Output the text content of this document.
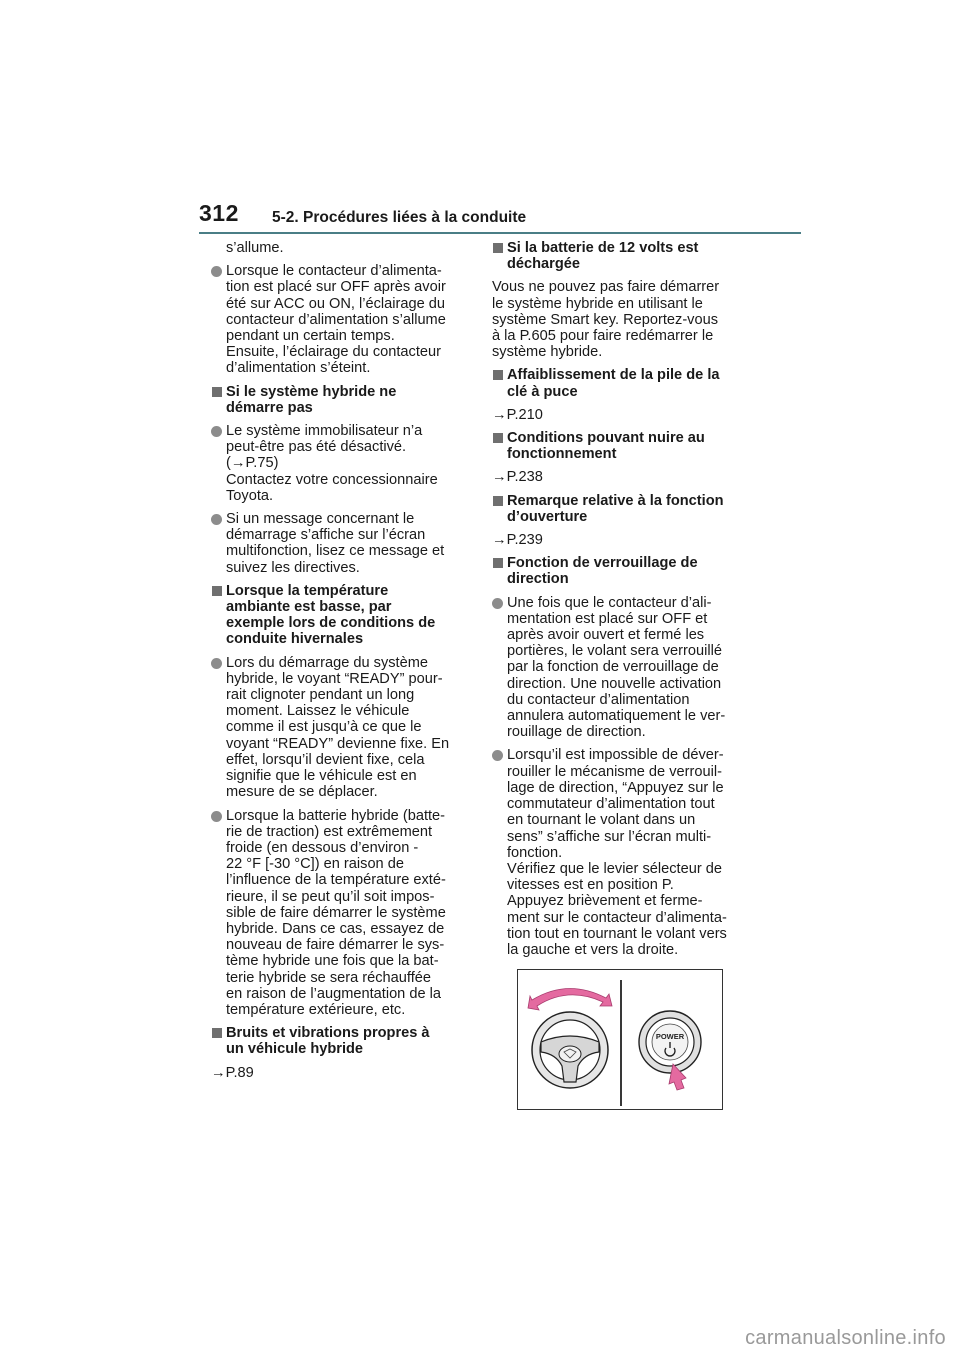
312 5-2. Procédures liées à la conduite

s’allume.

Lorsque le contacteur d’alimenta-
tion est placé sur OFF après avoir
été sur ACC ou ON, l’éclairage du
contacteur d’alimentation s’allume
pendant un certain temps.
Ensuite, l’éclairage du contacteur
d’alimentation s’éteint.
Si le système hybride ne
démarre pas
Le système immobilisateur n’a
peut-être pas été désactivé.
(→P.75)
Contactez votre concessionnaire
Toyota.
Si un message concernant le
démarrage s’affiche sur l’écran
multifonction, lisez ce message et
suivez les directives.
Lorsque la température
ambiante est basse, par
exemple lors de conditions de
conduite hivernales
Lors du démarrage du système
hybride, le voyant “READY” pour-
rait clignoter pendant un long
moment. Laissez le véhicule
comme il est jusqu’à ce que le
voyant “READY” devienne fixe. En
effet, lorsqu’il devient fixe, cela
signifie que le véhicule est en
mesure de se déplacer.
Lorsque la batterie hybride (batte-
rie de traction) est extrêmement
froide (en dessous d’environ -
22 °F [-30 °C]) en raison de
l’influence de la température exté-
rieure, il se peut qu’il soit impos-
sible de faire démarrer le système
hybride. Dans ce cas, essayez de
nouveau de faire démarrer le sys-
tème hybride une fois que la bat-
terie hybride se sera réchauffée
en raison de l’augmentation de la
température extérieure, etc.
Bruits et vibrations propres à
un véhicule hybride

→P.89

Si la batterie de 12 volts est
déchargée

Vous ne pouvez pas faire démarrer
le système hybride en utilisant le
système Smart key. Reportez-vous
à la P.605 pour faire redémarrer le
système hybride.

Affaiblissement de la pile de la
clé à puce

→P.210

Conditions pouvant nuire au
fonctionnement

→P.238

Remarque relative à la fonction
d’ouverture

→P.239

Fonction de verrouillage de
direction
Une fois que le contacteur d’ali-
mentation est placé sur OFF et
après avoir ouvert et fermé les
portières, le volant sera verrouillé
par la fonction de verrouillage de
direction. Une nouvelle activation
du contacteur d’alimentation
annulera automatiquement le ver-
rouillage de direction.
Lorsqu’il est impossible de déver-
rouiller le mécanisme de verrouil-
lage de direction, “Appuyez sur le
commutateur d’alimentation tout
en tournant le volant dans un
sens” s’affiche sur l’écran multi-
fonction.
Vérifiez que le levier sélecteur de
vitesses est en position P.
Appuyez brièvement et ferme-
ment sur le contacteur d’alimenta-
tion tout en tournant le volant vers
la gauche et vers la droite.
POWER
carmanualsonline.info
